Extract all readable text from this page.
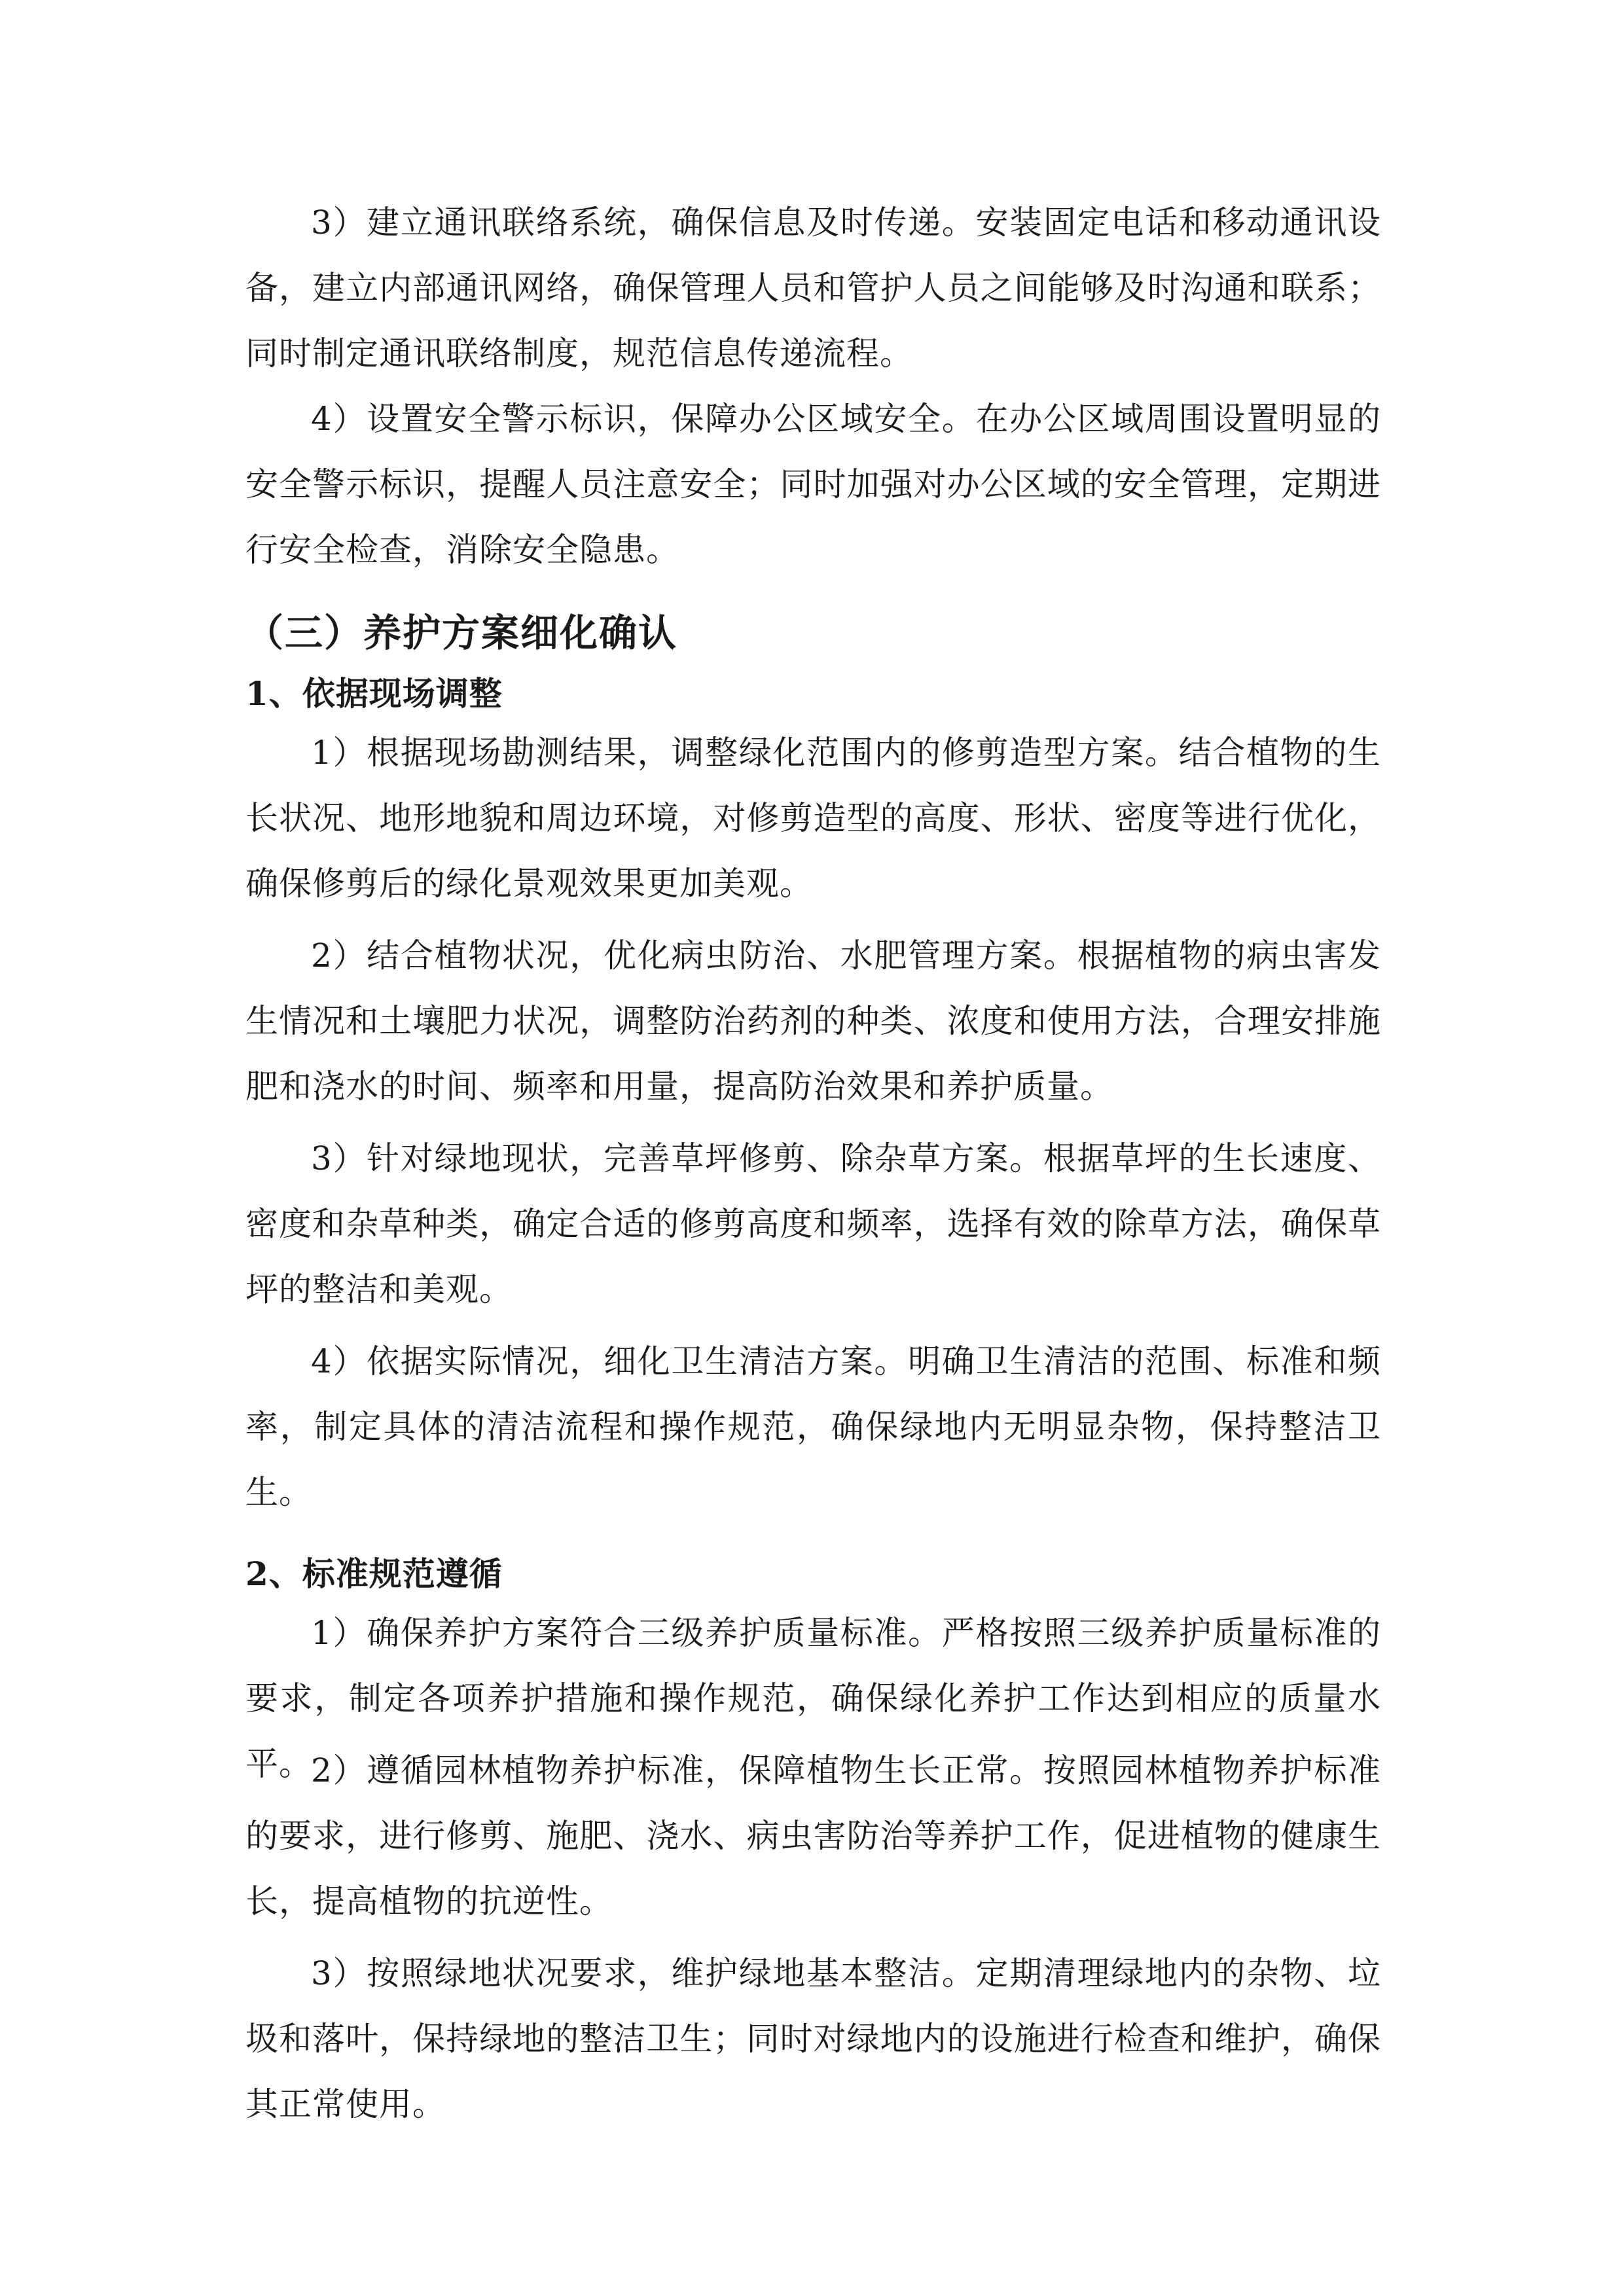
3）建立通讯联络系统，确保信息及时传递。安装固定电话和移动通讯设备，建立内部通讯网络，确保管理人员和管护人员之间能够及时沟通和联系；同时制定通讯联络制度，规范信息传递流程。

4）设置安全警示标识，保障办公区域安全。在办公区域周围设置明显的安全警示标识，提醒人员注意安全；同时加强对办公区域的安全管理，定期进行安全检查，消除安全隐患。

（三）养护方案细化确认
1、依据现场调整

1）根据现场勘测结果，调整绿化范围内的修剪造型方案。结合植物的生长状况、地形地貌和周边环境，对修剪造型的高度、形状、密度等进行优化，确保修剪后的绿化景观效果更加美观。

2）结合植物状况，优化病虫防治、水肥管理方案。根据植物的病虫害发生情况和土壤肥力状况，调整防治药剂的种类、浓度和使用方法，合理安排施肥和浇水的时间、频率和用量，提高防治效果和养护质量。

3）针对绿地现状，完善草坪修剪、除杂草方案。根据草坪的生长速度、密度和杂草种类，确定合适的修剪高度和频率，选择有效的除草方法，确保草坪的整洁和美观。

4）依据实际情况，细化卫生清洁方案。明确卫生清洁的范围、标准和频率，制定具体的清洁流程和操作规范，确保绿地内无明显杂物，保持整洁卫生。

2、标准规范遵循

1）确保养护方案符合三级养护质量标准。严格按照三级养护质量标准的要求，制定各项养护措施和操作规范，确保绿化养护工作达到相应的质量水平。

2）遵循园林植物养护标准，保障植物生长正常。按照园林植物养护标准的要求，进行修剪、施肥、浇水、病虫害防治等养护工作，促进植物的健康生长，提高植物的抗逆性。

3）按照绿地状况要求，维护绿地基本整洁。定期清理绿地内的杂物、垃圾和落叶，保持绿地的整洁卫生；同时对绿地内的设施进行检查和维护，确保其正常使用。
